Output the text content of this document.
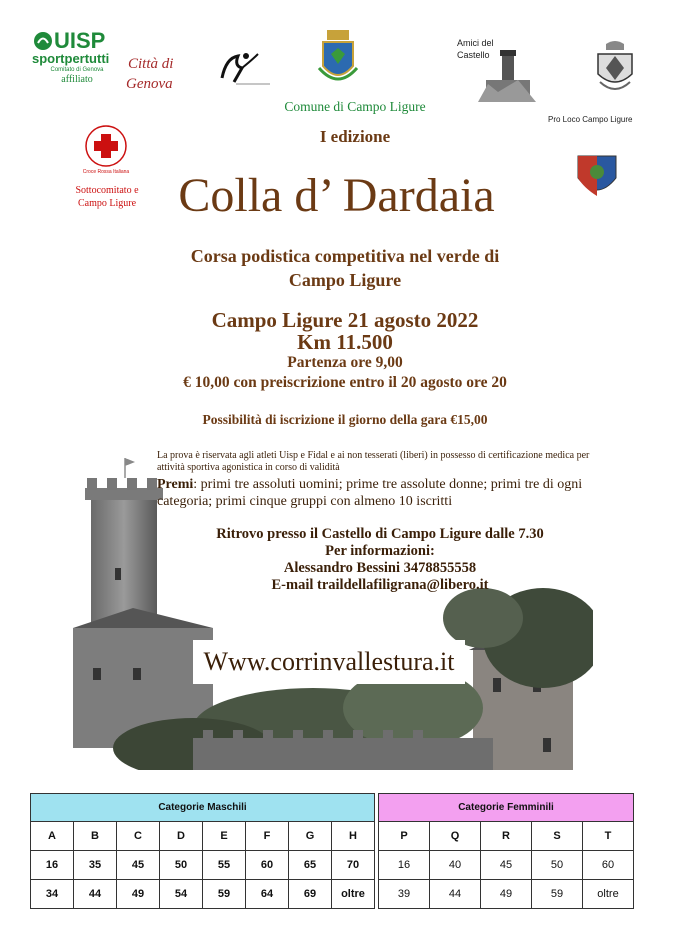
UISP
sportpertutti
Comitato di Genova
affiliato
Città di
Genova
Comune di Campo Ligure
I edizione
Amici del
Castello
Pro Loco Campo Ligure
Croce Rossa Italiana
Sottocomitato e
Campo Ligure Colla d’ Dardaia
Corsa podistica competitiva nel verde di
Campo Ligure
Campo Ligure 21 agosto 2022
Km 11.500
Partenza ore 9,00
€ 10,00 con preiscrizione entro il 20 agosto ore 20
Possibilità di iscrizione il giorno della gara €15,00
La prova è riservata agli atleti Uisp e Fidal e ai non tesserati (liberi) in possesso di certificazione medica per attività sportiva agonistica in corso di validità
Premi: primi tre assoluti uomini; prime tre assolute donne; primi tre di ogni categoria; primi cinque gruppi con almeno 10 iscritti
Ritrovo presso il Castello di Campo Ligure dalle 7.30
Per informazioni:
Alessandro Bessini 3478855558
E-mail traildellafiligrana@libero.it
Www.corrinvallestura.it
Categorie Maschili									Categorie Femminili				
A	B	C	D	E	F	G	H		P	Q	R	S	T
16	35	45	50	55	60	65	70		16	40	45	50	60
34	44	49	54	59	64	69	oltre		39	44	49	59	oltre
